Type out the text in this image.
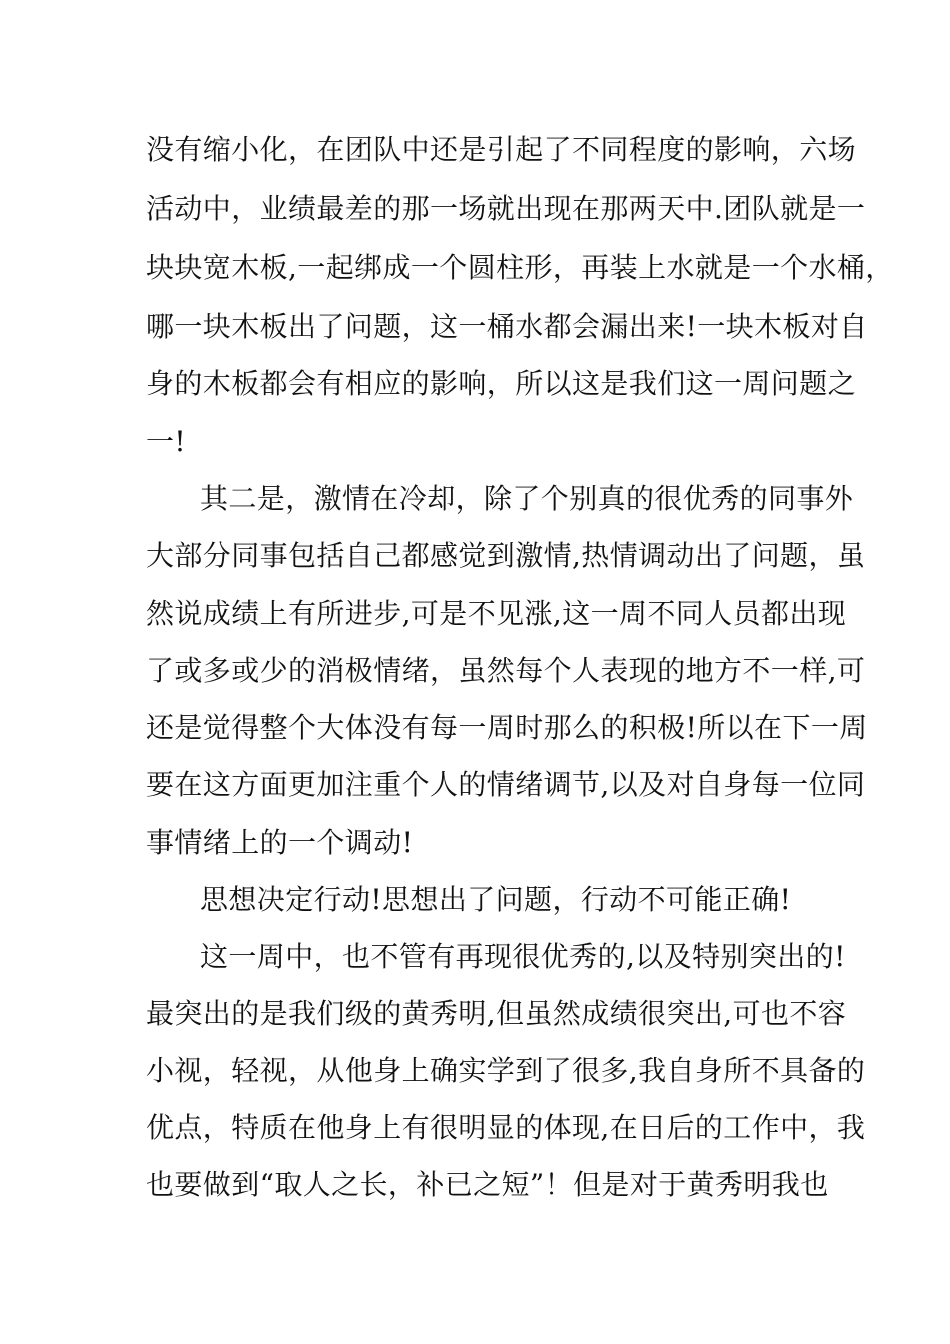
没有缩小化，在团队中还是引起了不同程度的影响，六场
活动中，业绩最差的那一场就出现在那两天中.团队就是一
块块宽木板,一起绑成一个圆柱形，再装上水就是一个水桶，
哪一块木板出了问题，这一桶水都会漏出来!一块木板对自
身的木板都会有相应的影响，所以这是我们这一周问题之
一!
其二是，激情在冷却，除了个别真的很优秀的同事外
大部分同事包括自己都感觉到激情,热情调动出了问题，虽
然说成绩上有所进步,可是不见涨,这一周不同人员都出现
了或多或少的消极情绪，虽然每个人表现的地方不一样,可
还是觉得整个大体没有每一周时那么的积极!所以在下一周
要在这方面更加注重个人的情绪调节,以及对自身每一位同
事情绪上的一个调动!
思想决定行动!思想出了问题，行动不可能正确!
这一周中，也不管有再现很优秀的,以及特别突出的!
最突出的是我们级的黄秀明,但虽然成绩很突出,可也不容
小视，轻视，从他身上确实学到了很多,我自身所不具备的
优点，特质在他身上有很明显的体现,在日后的工作中，我
也要做到“取人之长，补已之短”！但是对于黄秀明我也
